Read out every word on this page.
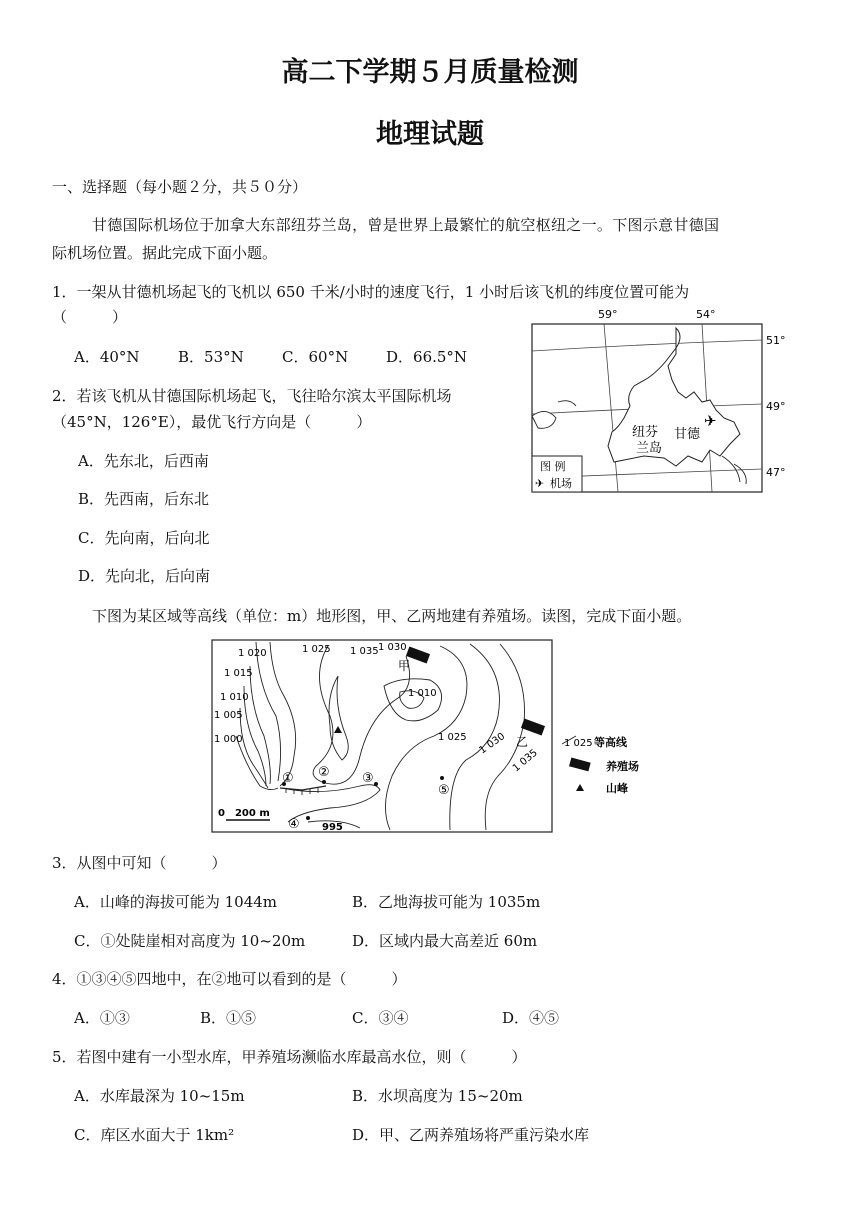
高二下学期５月质量检测
地理试题
一、选择题（每小题２分，共５０分）
甘德国际机场位于加拿大东部纽芬兰岛，曾是世界上最繁忙的航空枢纽之一。下图示意甘德国
际机场位置。据此完成下面小题。
1．一架从甘德机场起飞的飞机以 650 千米/小时的速度飞行，1 小时后该飞机的纬度位置可能为
（　　　）
A．40°N	B．53°N	C．60°N	D．66.5°N
2．若该飞机从甘德国际机场起飞，飞往哈尔滨太平国际机场
（45°N，126°E），最优飞行方向是（　　　）
A．先东北，后西南
B．先西南，后东北
C．先向南，后向北
D．先向北，后向南
59°	54°
51°
49°
47°
纽芬
兰岛
甘德
✈
图 例
✈ 机场
下图为某区域等高线（单位：m）地形图，甲、乙两地建有养殖场。读图，完成下面小题。
1 020	1 025 1 035 1 030
1 015
1 010
1 005
1 000
1 010
1 025 1 030
1 035
995
甲
乙
① ② ③
④
⑤
0　200 m
1 025 等高线
养殖场
山峰
3．从图中可知（　　　）
A．山峰的海拔可能为 1044m	B．乙地海拔可能为 1035m
C．①处陡崖相对高度为 10~20m	D．区域内最大高差近 60m
4．①③④⑤四地中，在②地可以看到的是（　　　）
A．①③	B．①⑤	C．③④	D．④⑤
5．若图中建有一小型水库，甲养殖场濒临水库最高水位，则（　　　）
A．水库最深为 10~15m	B．水坝高度为 15~20m
C．库区水面大于 1km²	D．甲、乙两养殖场将严重污染水库
